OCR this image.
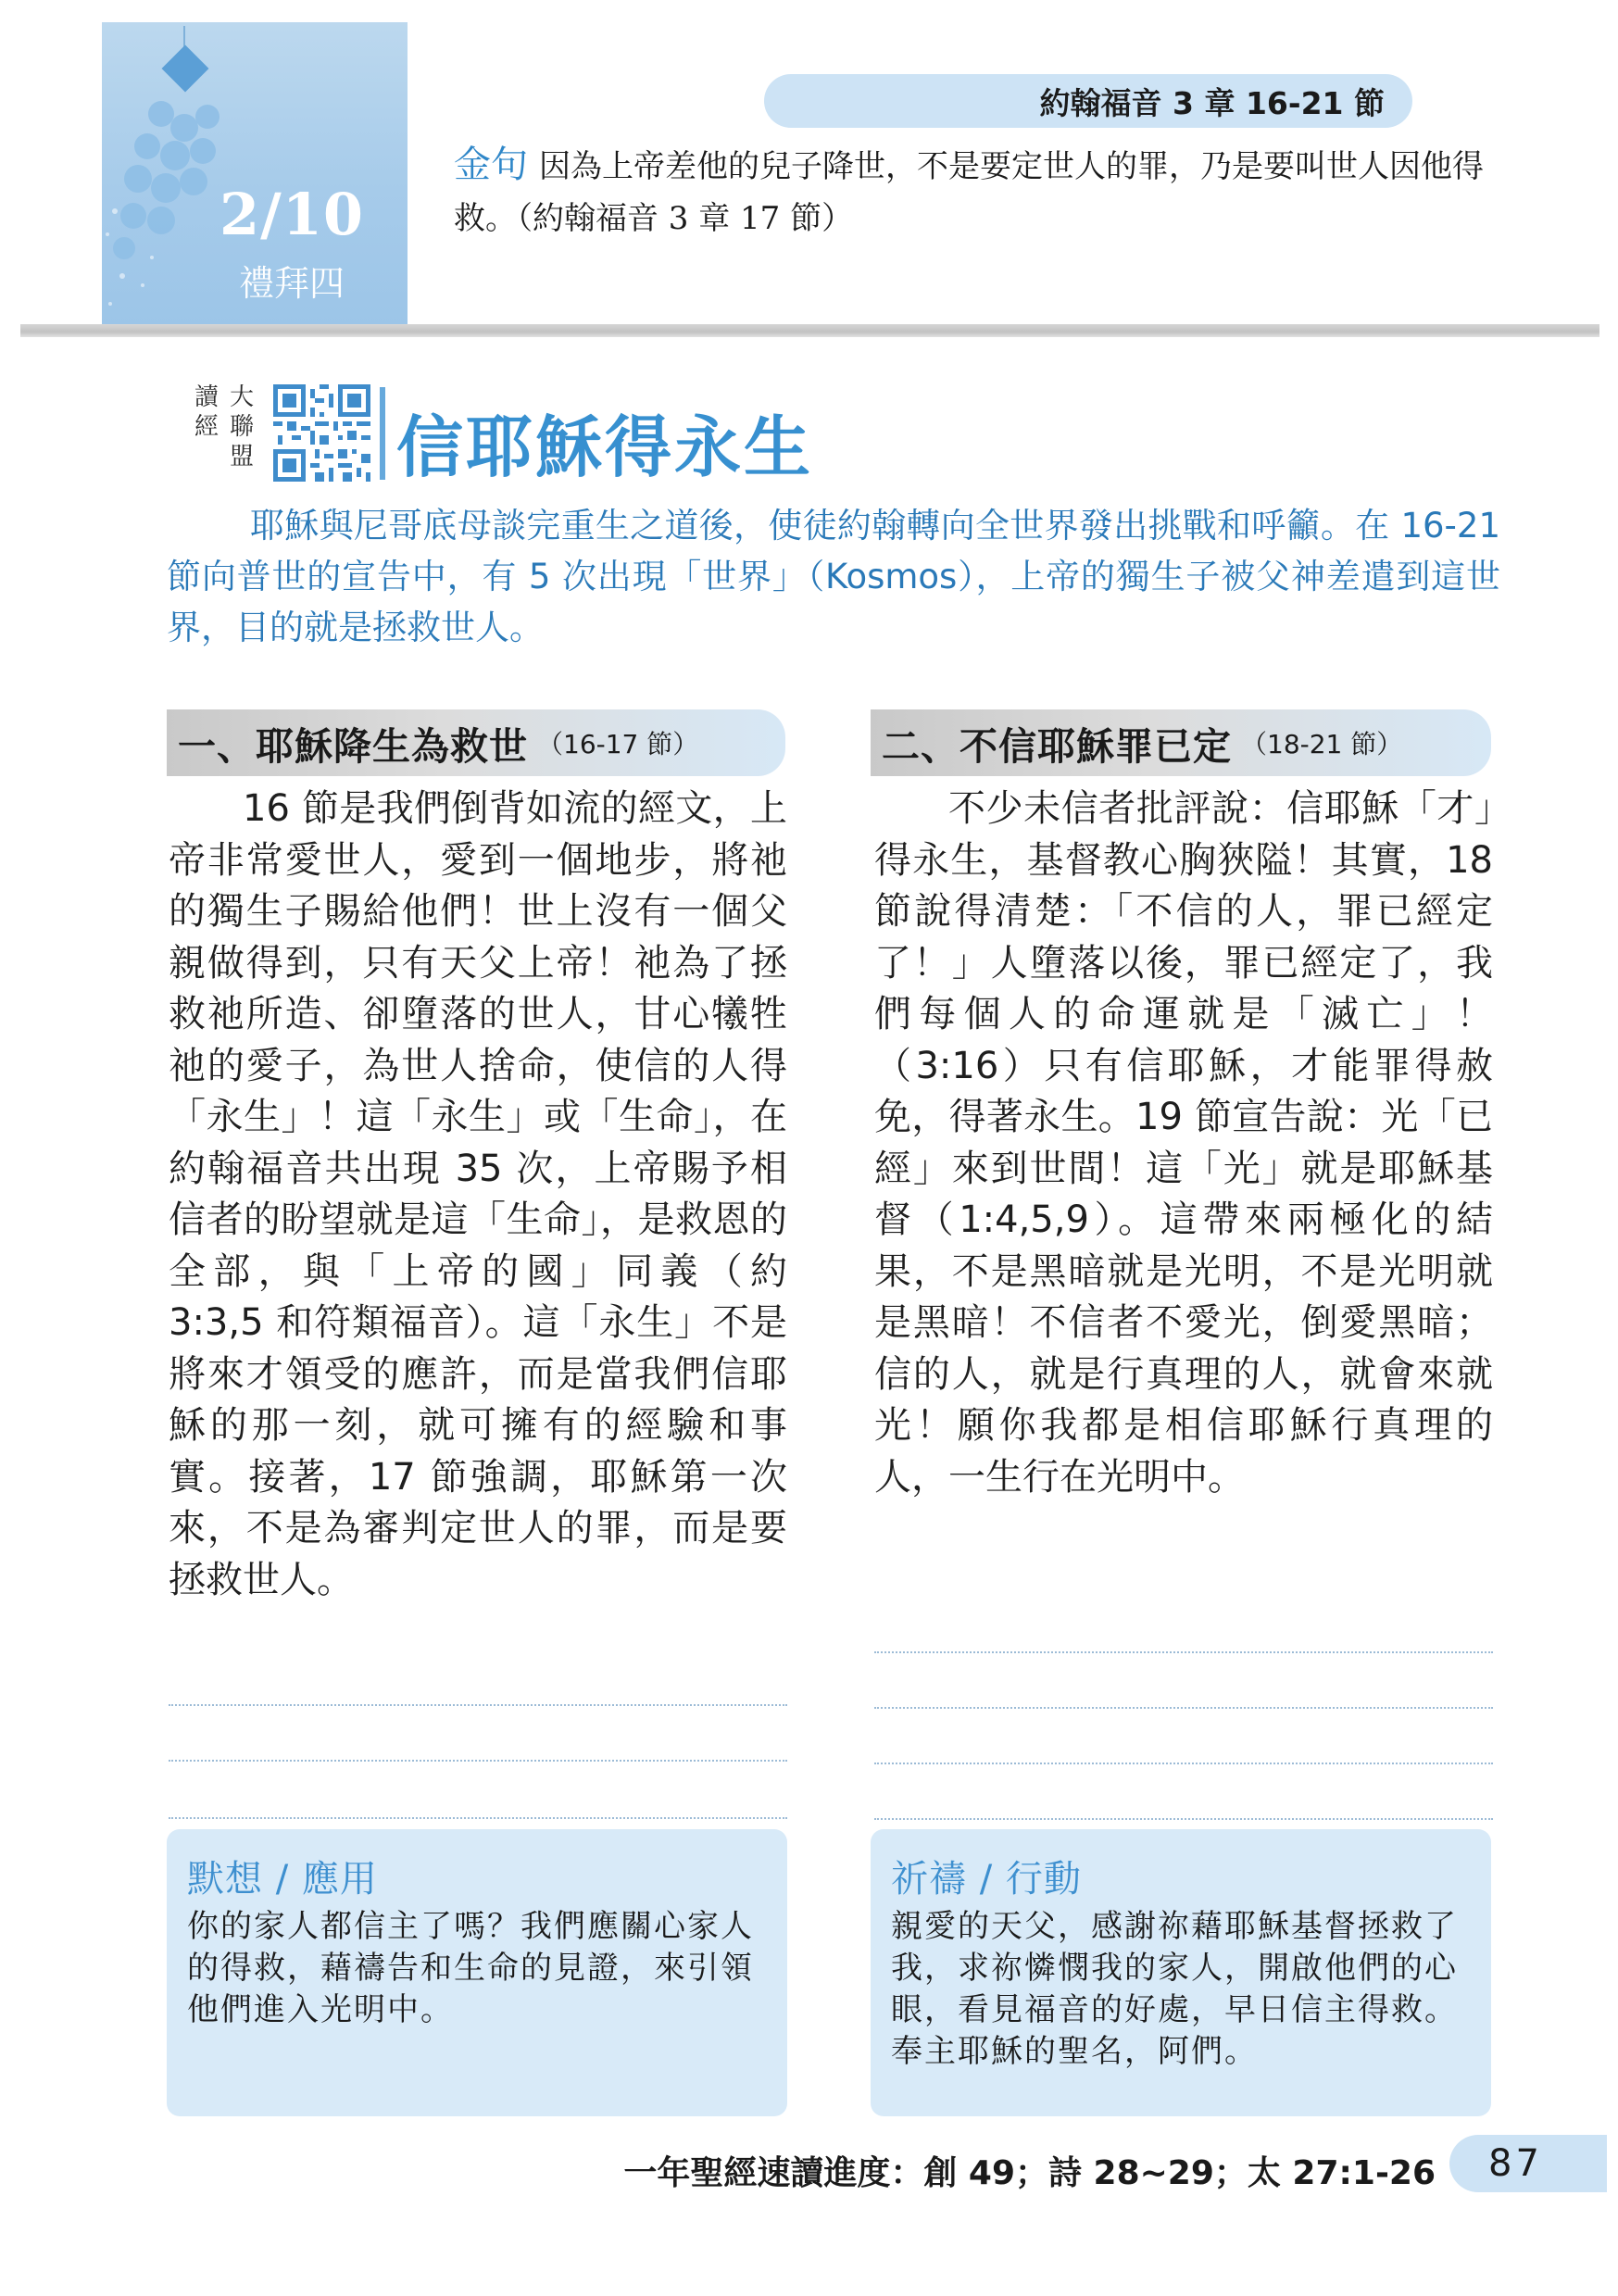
2/10
禮拜四
約翰福音 3 章 16-21 節
金句 因為上帝差他的兒子降世，不是要定世人的罪，乃是要叫世人因他得救。（約翰福音 3 章 17 節）
讀經
大聯盟 信耶穌得永生
耶穌與尼哥底母談完重生之道後，使徒約翰轉向全世界發出挑戰和呼籲。在 16-21 節向普世的宣告中，有 5 次出現「世界」（Kosmos），上帝的獨生子被父神差遣到這世界，目的就是拯救世人。
一、耶穌降生為救世 （16-17 節）
16 節是我們倒背如流的經文，上帝非常愛世人，愛到一個地步，將祂的獨生子賜給他們！世上沒有一個父親做得到，只有天父上帝！祂為了拯救祂所造、卻墮落的世人，甘心犧牲祂的愛子，為世人捨命，使信的人得「永生」！這「永生」或「生命」，在約翰福音共出現 35 次，上帝賜予相信者的盼望就是這「生命」，是救恩的全部，與「上帝的國」同義（約 3:3,5 和符類福音）。這「永生」不是將來才領受的應許，而是當我們信耶穌的那一刻，就可擁有的經驗和事實。接著，17 節強調，耶穌第一次來，不是為審判定世人的罪，而是要拯救世人。
二、不信耶穌罪已定 （18-21 節）
不少未信者批評說：信耶穌「才」得永生，基督教心胸狹隘！其實，18 節說得清楚：「不信的人，罪已經定了！」人墮落以後，罪已經定了，我們每個人的命運就是「滅亡」！（3:16）只有信耶穌，才能罪得赦免，得著永生。19 節宣告說：光「已經」來到世間！這「光」就是耶穌基督（1:4,5,9）。這帶來兩極化的結果，不是黑暗就是光明，不是光明就是黑暗！不信者不愛光，倒愛黑暗；信的人，就是行真理的人，就會來就光！願你我都是相信耶穌行真理的人，一生行在光明中。
默想 / 應用
你的家人都信主了嗎？我們應關心家人的得救，藉禱告和生命的見證，來引領他們進入光明中。
祈禱 / 行動
親愛的天父，感謝祢藉耶穌基督拯救了我，求祢憐憫我的家人，開啟他們的心眼，看見福音的好處，早日信主得救。奉主耶穌的聖名，阿們。
一年聖經速讀進度：創 49；詩 28~29；太 27:1-26 87
